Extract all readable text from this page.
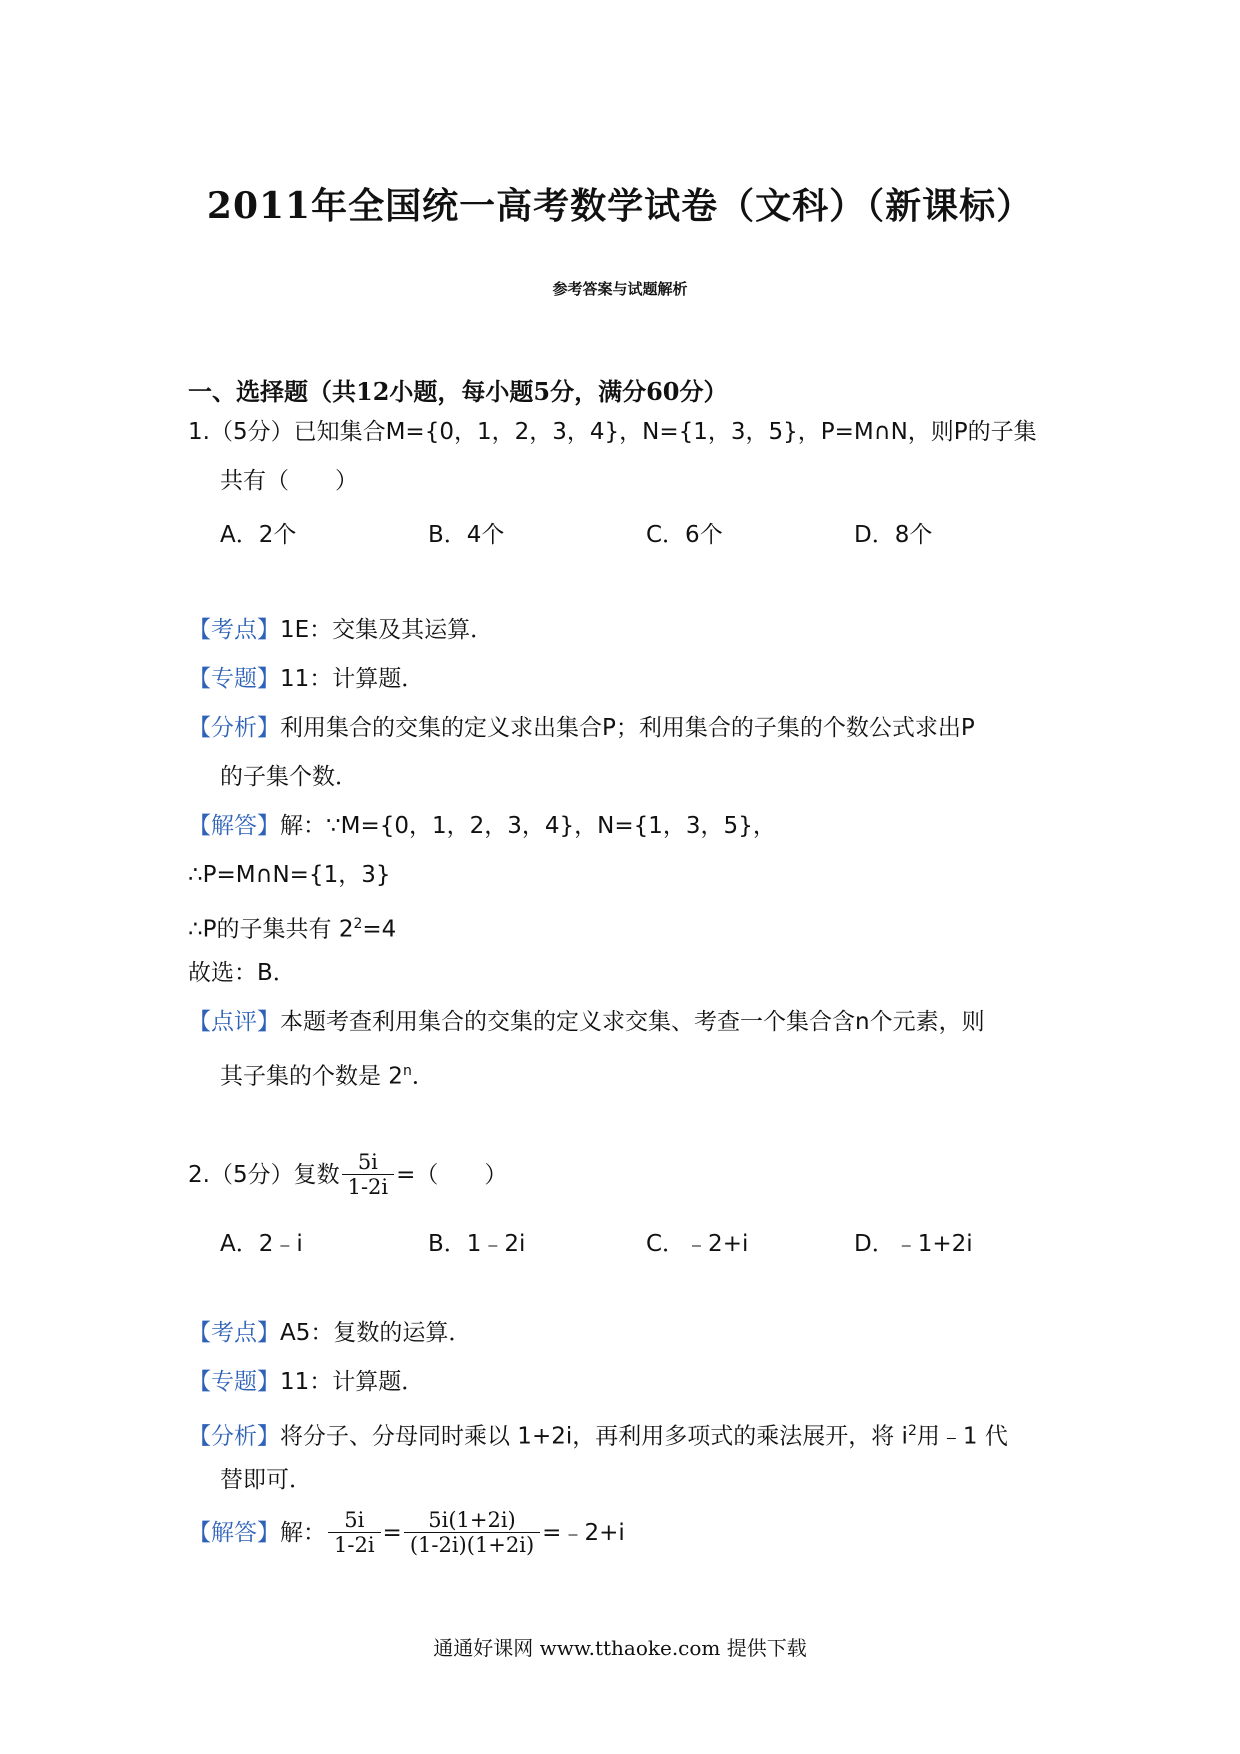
2011年全国统一高考数学试卷（文科）（新课标）
参考答案与试题解析
一、选择题（共12小题，每小题5分，满分60分）
1.（5分）已知集合M={0，1，2，3，4}，N={1，3，5}，P=M∩N，则P的子集
共有（　　）
A．2个	B．4个	C．6个	D．8个
【考点】1E：交集及其运算．
【专题】11：计算题．
【分析】利用集合的交集的定义求出集合P；利用集合的子集的个数公式求出P
的子集个数．
【解答】解：∵M={0，1，2，3，4}，N={1，3，5}，
∴P=M∩N={1，3}
∴P的子集共有 $2^2=4$
故选：B．
【点评】本题考查利用集合的交集的定义求交集、考查一个集合含n个元素，则
其子集的个数是 2$^n$．
2.（5分）复数 $\frac{5i}{1-2i}$ =（　　）
A．2﹣i	B．1﹣2i	C．﹣2+i	D．﹣1+2i
【考点】A5：复数的运算．
【专题】11：计算题．
【分析】将分子、分母同时乘以 1+2i，再利用多项式的乘法展开，将 $i^2$用﹣1 代
替即可．
【解答】 解： $\frac{5i}{1-2i} = \frac{5i(1+2i)}{(1-2i)(1+2i)}$ =﹣2+i
通通好课网 www.tthaoke.com 提供下载
